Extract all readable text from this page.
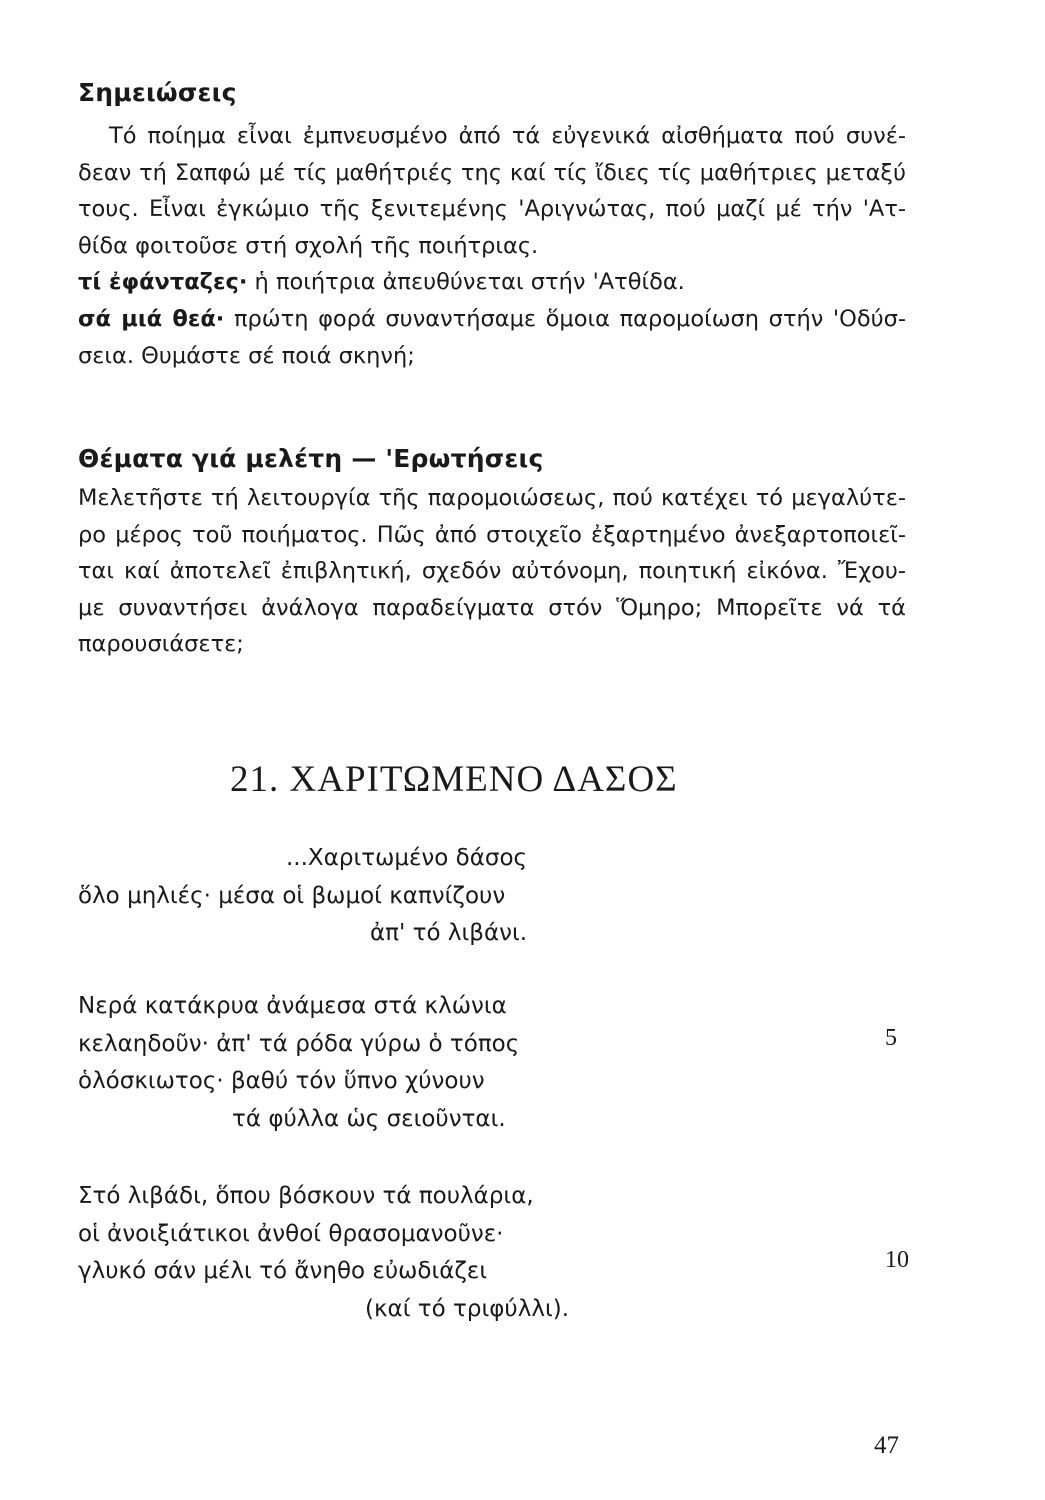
Σημειώσεις
Τό ποίημα εἶναι ἐμπνευσμένο ἀπό τά εὐγενικά αἰσθήματα πού συνέ-
δεαν τή Σαπφώ μέ τίς μαθήτριές της καί τίς ἴδιες τίς μαθήτριες μεταξύ
τους. Εἶναι ἐγκώμιο τῆς ξενιτεμένης 'Αριγνώτας, πού μαζί μέ τήν 'Ατ-
θίδα φοιτοῦσε στή σχολή τῆς ποιήτριας.
τί ἐφάνταζες· ἡ ποιήτρια ἀπευθύνεται στήν 'Ατθίδα.
σά μιά θεά· πρώτη φορά συναντήσαμε ὅμοια παρομοίωση στήν 'Οδύσ-
σεια. Θυμάστε σέ ποιά σκηνή;
Θέματα γιά μελέτη — 'Ερωτήσεις
Μελετῆστε τή λειτουργία τῆς παρομοιώσεως, πού κατέχει τό μεγαλύτε-
ρο μέρος τοῦ ποιήματος. Πῶς ἀπό στοιχεῖο ἐξαρτημένο ἀνεξαρτοποιεῖ-
ται καί ἀποτελεῖ ἐπιβλητική, σχεδόν αὐτόνομη, ποιητική εἰκόνα. Ἔχου-
με συναντήσει ἀνάλογα παραδείγματα στόν Ὅμηρο; Μπορεῖτε νά τά
παρουσιάσετε;
21. ΧΑΡΙΤΩΜΕΝΟ ΔΑΣΟΣ
...Χαριτωμένο δάσος
ὅλο μηλιές· μέσα οἱ βωμοί καπνίζουν
ἀπ' τό λιβάνι.
Νερά κατάκρυα ἀνάμεσα στά κλώνια
κελαηδοῦν· ἀπ' τά ρόδα γύρω ὁ τόπος
ὁλόσκιωτος· βαθύ τόν ὕπνο χύνουν
τά φύλλα ὡς σειοῦνται.
5
Στό λιβάδι, ὅπου βόσκουν τά πουλάρια,
οἱ ἀνοιξιάτικοι ἀνθοί θρασομανοῦνε·
γλυκό σάν μέλι τό ἄνηθο εὐωδιάζει
(καί τό τριφύλλι).
10
47
